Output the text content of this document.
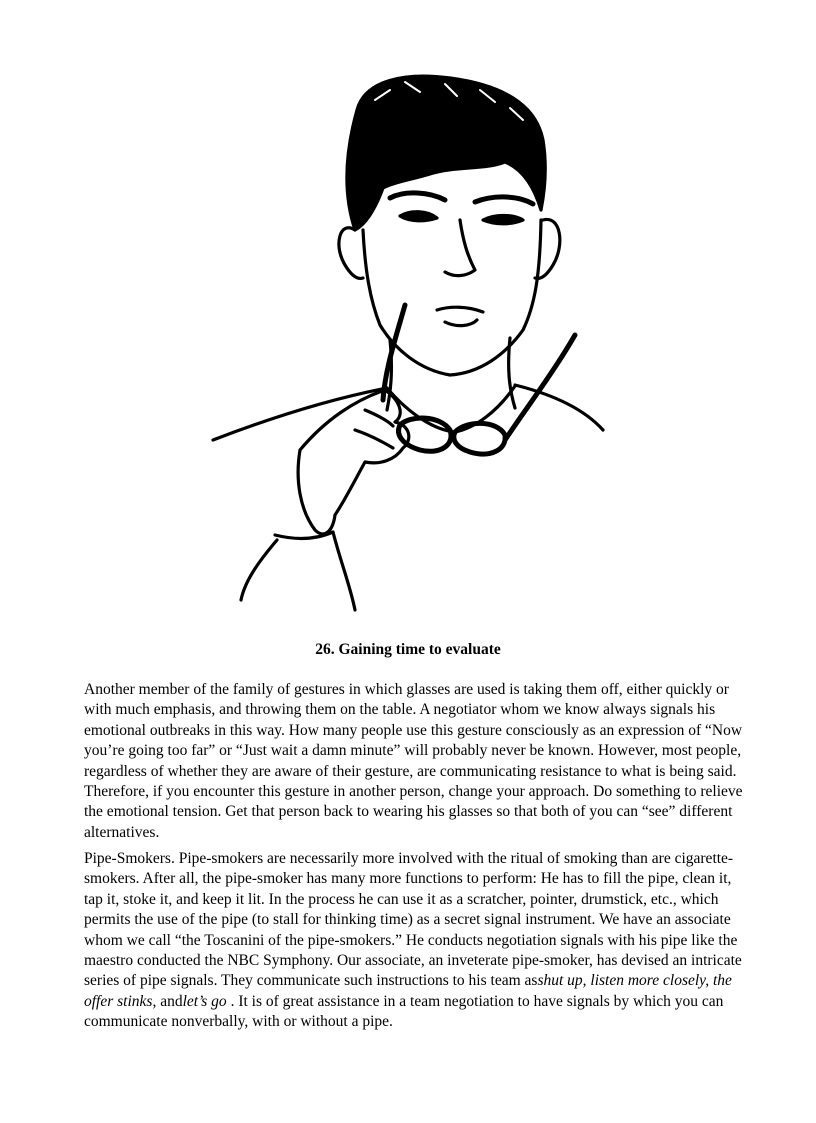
26. Gaining time to evaluate

Another member of the family of gestures in which glasses are used is taking them off, either quickly or with much emphasis, and throwing them on the table. A negotiator whom we know always signals his emotional outbreaks in this way. How many people use this gesture consciously as an expression of “Now you’re going too far” or “Just wait a damn minute” will probably never be known. However, most people, regardless of whether they are aware of their gesture, are communicating resistance to what is being said. Therefore, if you encounter this gesture in another person, change your approach. Do something to relieve the emotional tension. Get that person back to wearing his glasses so that both of you can “see” different alternatives.

Pipe-Smokers. Pipe-smokers are necessarily more involved with the ritual of smoking than are cigarette-smokers. After all, the pipe-smoker has many more functions to perform: He has to fill the pipe, clean it, tap it, stoke it, and keep it lit. In the process he can use it as a scratcher, pointer, drumstick, etc., which permits the use of the pipe (to stall for thinking time) as a secret signal instrument. We have an associate whom we call “the Toscanini of the pipe-smokers.” He conducts negotiation signals with his pipe like the maestro conducted the NBC Symphony. Our associate, an inveterate pipe-smoker, has devised an intricate series of pipe signals. They communicate such instructions to his team asshut up, listen more closely, the offer stinks, andlet’s go . It is of great assistance in a team negotiation to have signals by which you can communicate nonverbally, with or without a pipe.
